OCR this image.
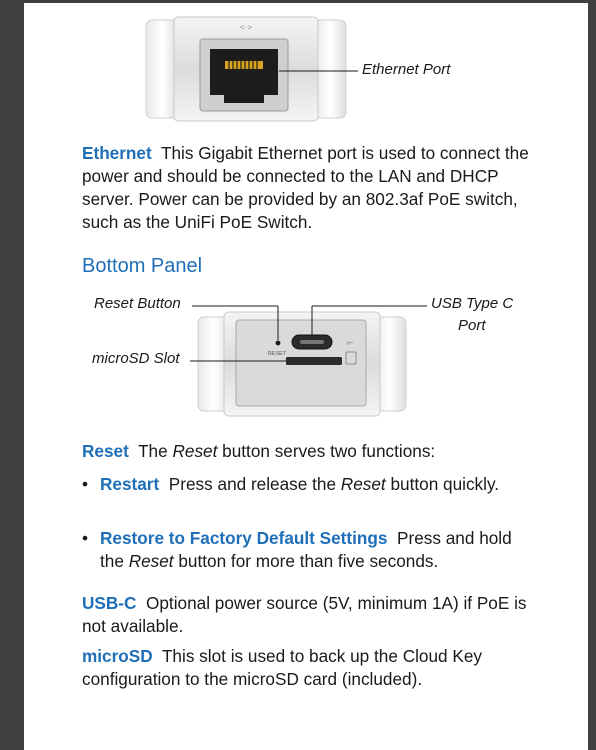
<·>
Ethernet Port
Ethernet This Gigabit Ethernet port is used to connect the power and should be connected to the LAN and DHCP server. Power can be provided by an 802.3af PoE switch, such as the UniFi PoE Switch.
Bottom Panel
RESET
⟜
Reset Button	USB Type C
Port
microSD Slot
Reset The Reset button serves two functions:
• Restart Press and release the Reset button quickly.
• Restore to Factory Default Settings Press and hold the Reset button for more than five seconds.
USB-C Optional power source (5V, minimum 1A) if PoE is not available.
microSD This slot is used to back up the Cloud Key configuration to the microSD card (included).
